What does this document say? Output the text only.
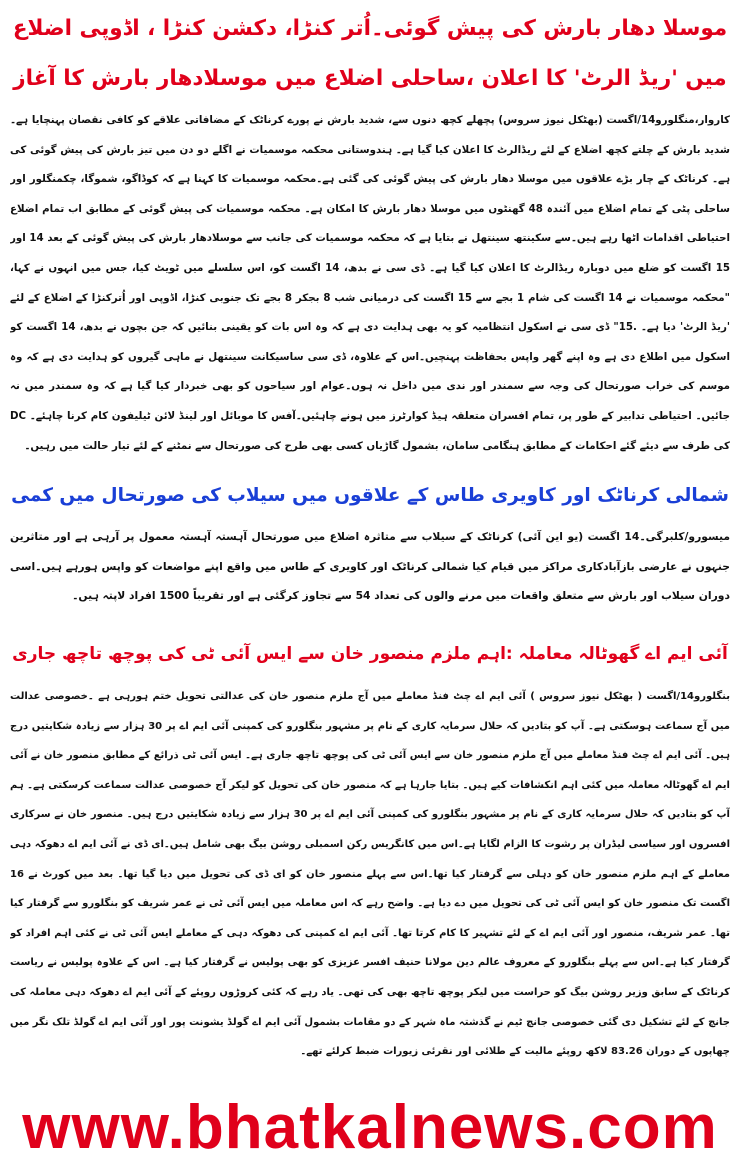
موسلا دھار بارش کی پیش گوئی۔اُتر کنڑا، دکشن کنڑا ، اڈوپی اضلاع
میں 'ریڈ الرٹ' کا اعلان ،ساحلی اضلاع میں موسلادھار بارش کا آغاز
کاروار،منگلورو14/اگست (بھٹکل نیوز سروس) پچھلے کچھ دنوں سے، شدید بارش نے پورے کرناٹک کے مضافاتی علاقے کو کافی نقصان پہنچایا ہے۔ شدید بارش کے چلتے کچھ اضلاع کے لئے ریڈالرٹ کا اعلان کیا گیا ہے۔ ہندوستانی محکمہ موسمیات نے اگلے دو دن میں تیز بارش کی پیش گوئی کی ہے۔ کرناٹک کے چار بڑے علاقوں میں موسلا دھار بارش کی پیش گوئی کی گئی ہے۔محکمہ موسمیات کا کہنا ہے کہ کوڈاگو، شموگا، چکمنگلور اور ساحلی پٹی کے تمام اضلاع میں آئندہ 48 گھنٹوں میں موسلا دھار بارش کا امکان ہے۔ محکمہ موسمیات کی پیش گوئی کے مطابق اب تمام اضلاع احتیاطی اقدامات اٹھا رہے ہیں۔سے سکینتھ سینتھل نے بتایا ہے کہ محکمہ موسمیات کی جانب سے موسلادھار بارش کی پیش گوئی کے بعد 14 اور 15 اگست کو ضلع میں دوبارہ ریڈالرٹ کا اعلان کیا گیا ہے۔ ڈی سی نے بدھ، 14 اگست کو، اس سلسلے میں ٹویٹ کیا، جس میں انہوں نے کہا، "محکمہ موسمیات نے 14 اگست کی شام 1 بجے سے 15 اگست کی درمیانی شب 8 بجکر 8 بجے تک جنوبی کنڑا، اڈوپی اور اُترکنڑا کے اضلاع کے لئے 'ریڈ الرٹ' دیا ہے۔ .15" ڈی سی نے اسکول انتظامیہ کو یہ بھی ہدایت دی ہے کہ وہ اس بات کو یقینی بنائیں کہ جن بچوں نے بدھ، 14 اگست کو اسکول میں اطلاع دی ہے وہ اپنے گھر واپس بحفاظت پہنچیں۔اس کے علاوہ، ڈی سی ساسیکانت سینتھل نے ماہی گیروں کو ہدایت دی ہے کہ وہ موسم کی خراب صورتحال کی وجہ سے سمندر اور ندی میں داخل نہ ہوں۔عوام اور سیاحوں کو بھی خبردار کیا گیا ہے کہ وہ سمندر میں نہ جائیں۔ احتیاطی تدابیر کے طور پر، تمام افسران متعلقہ ہیڈ کوارٹرز میں ہونے چاہئیں۔آفس کا موبائل اور لینڈ لائن ٹیلیفون کام کرنا چاہئے۔ DC کی طرف سے دیئے گئے احکامات کے مطابق ہنگامی سامان، بشمول گاڑیاں کسی بھی طرح کی صورتحال سے نمٹنے کے لئے تیار حالت میں رہیں۔
شمالی کرناٹک اور کاویری طاس کے علاقوں میں سیلاب کی صورتحال میں کمی
میسورو/کلبرگی۔14 اگست (یو این آئی) کرناٹک کے سیلاب سے متاثرہ اضلاع میں صورتحال آہستہ آہستہ معمول پر آرہی ہے اور متاثرین جنہوں نے عارضی بازآبادکاری مراکز میں قیام کیا شمالی کرناٹک اور کاویری کے طاس میں واقع اپنے مواضعات کو واپس ہورہے ہیں۔اسی دوران سیلاب اور بارش سے متعلق واقعات میں مرنے والوں کی تعداد 54 سے تجاوز کرگئی ہے اور تقریباً 1500 افراد لاپتہ ہیں۔
آئی ایم اے گھوٹالہ معاملہ :اہم ملزم منصور خان سے ایس آئی ٹی کی پوچھ تاچھ جاری
بنگلورو14/اگست ( بھٹکل نیوز سروس ) آئی ایم اے چٹ فنڈ معاملے میں آج ملزم منصور خان کی عدالتی تحویل ختم ہورہی ہے ۔خصوصی عدالت میں آج سماعت ہوسکتی ہے۔ آپ کو بتادیں کہ حلال سرمایہ کاری کے نام پر مشہور بنگلورو کی کمپنی آئی ایم اے پر 30 ہزار سے زیادہ شکایتیں درج ہیں۔ آئی ایم اے چٹ فنڈ معاملے میں آج ملزم منصور خان سے ایس آئی ٹی کی پوچھ تاچھ جاری ہے۔ ایس آئی ٹی ذرائع کے مطابق منصور خان نے آئی ایم اے گھوٹالہ معاملہ میں کئی اہم انکشافات کیے ہیں۔ بتایا جارہا ہے کہ منصور خان کی تحویل کو لیکر آج خصوصی عدالت سماعت کرسکتی ہے۔ ہم آپ کو بتادیں کہ حلال سرمایہ کاری کے نام پر مشہور بنگلورو کی کمپنی آئی ایم اے پر 30 ہزار سے زیادہ شکایتیں درج ہیں۔ منصور خان نے سرکاری افسروں اور سیاسی لیڈران پر رشوت کا الزام لگایا ہے۔اس میں کانگریس رکن اسمبلی روشن بیگ بھی شامل ہیں۔ای ڈی نے آئی ایم اے دھوکہ دہی معاملے کے اہم ملزم منصور خان کو دہلی سے گرفتار کیا تھا۔اس سے پہلے منصور خان کو ای ڈی کی تحویل میں دیا گیا تھا۔ بعد میں کورٹ نے 16 اگست تک منصور خان کو ایس آئی ٹی کی تحویل میں دے دیا ہے۔ واضح رہے کہ اس معاملہ میں ایس آئی ٹی نے عمر شریف کو بنگلورو سے گرفتار کیا تھا۔ عمر شریف، منصور اور آئی ایم اے کے لئے تشہیر کا کام کرتا تھا۔ آئی ایم اے کمپنی کی دھوکہ دہی کے معاملے ایس آئی ٹی نے کئی اہم افراد کو گرفتار کیا ہے۔اس سے پہلے بنگلورو کے معروف عالم دین مولانا حنیف افسر عزیزی کو بھی پولیس نے گرفتار کیا ہے۔ اس کے علاوہ پولیس نے ریاست کرناٹک کے سابق وزیر روشن بیگ کو حراست میں لیکر پوچھ تاچھ بھی کی تھی۔ یاد رہے کہ کئی کروڑوں روپئے کے آئی ایم اے دھوکہ دہی معاملہ کی جانچ کے لئے تشکیل دی گئی خصوصی جانچ ٹیم نے گذشتہ ماہ شہر کے دو مقامات بشمول آئی ایم اے گولڈ یشونت پور اور آئی ایم اے گولڈ تلک نگر میں چھاپوں کے دوران 83.26 لاکھ روپئے مالیت کے طلائی اور نقرئی زیورات ضبط کرلئے تھے۔
www.bhatkalnews.com
